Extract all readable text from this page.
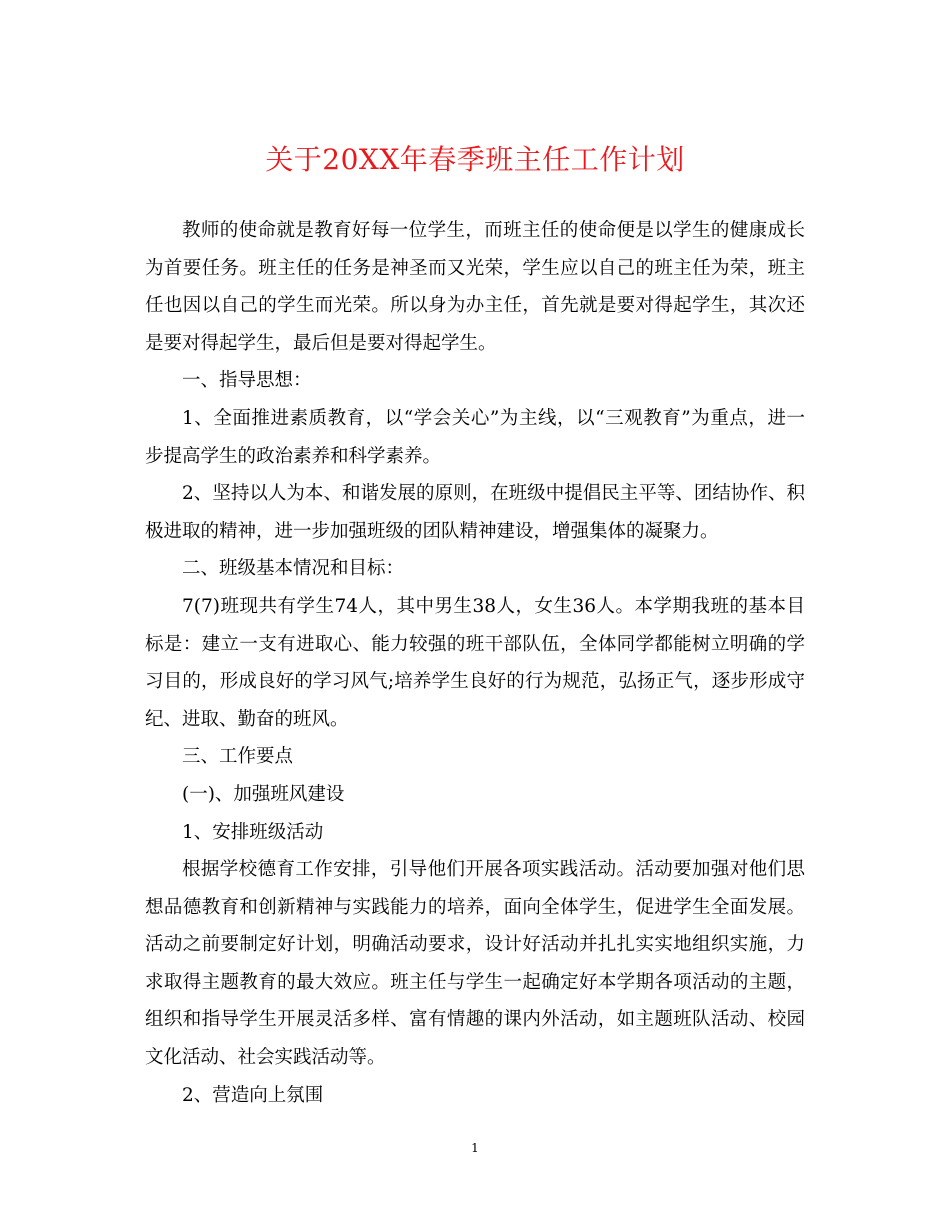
关于20XX年春季班主任工作计划

教师的使命就是教育好每一位学生，而班主任的使命便是以学生的健康成长为首要任务。班主任的任务是神圣而又光荣，学生应以自己的班主任为荣，班主任也因以自己的学生而光荣。所以身为办主任，首先就是要对得起学生，其次还是要对得起学生，最后但是要对得起学生。

一、指导思想：

1、全面推进素质教育，以“学会关心”为主线，以“三观教育”为重点，进一步提高学生的政治素养和科学素养。

2、坚持以人为本、和谐发展的原则，在班级中提倡民主平等、团结协作、积极进取的精神，进一步加强班级的团队精神建设，增强集体的凝聚力。

二、班级基本情况和目标：

7(7)班现共有学生74人，其中男生38人，女生36人。本学期我班的基本目标是：建立一支有进取心、能力较强的班干部队伍，全体同学都能树立明确的学习目的，形成良好的学习风气;培养学生良好的行为规范，弘扬正气，逐步形成守纪、进取、勤奋的班风。

三、工作要点

(一)、加强班风建设

1、安排班级活动

根据学校德育工作安排，引导他们开展各项实践活动。活动要加强对他们思想品德教育和创新精神与实践能力的培养，面向全体学生，促进学生全面发展。活动之前要制定好计划，明确活动要求，设计好活动并扎扎实实地组织实施，力求取得主题教育的最大效应。班主任与学生一起确定好本学期各项活动的主题，组织和指导学生开展灵活多样、富有情趣的课内外活动，如主题班队活动、校园文化活动、社会实践活动等。

2、营造向上氛围

1
